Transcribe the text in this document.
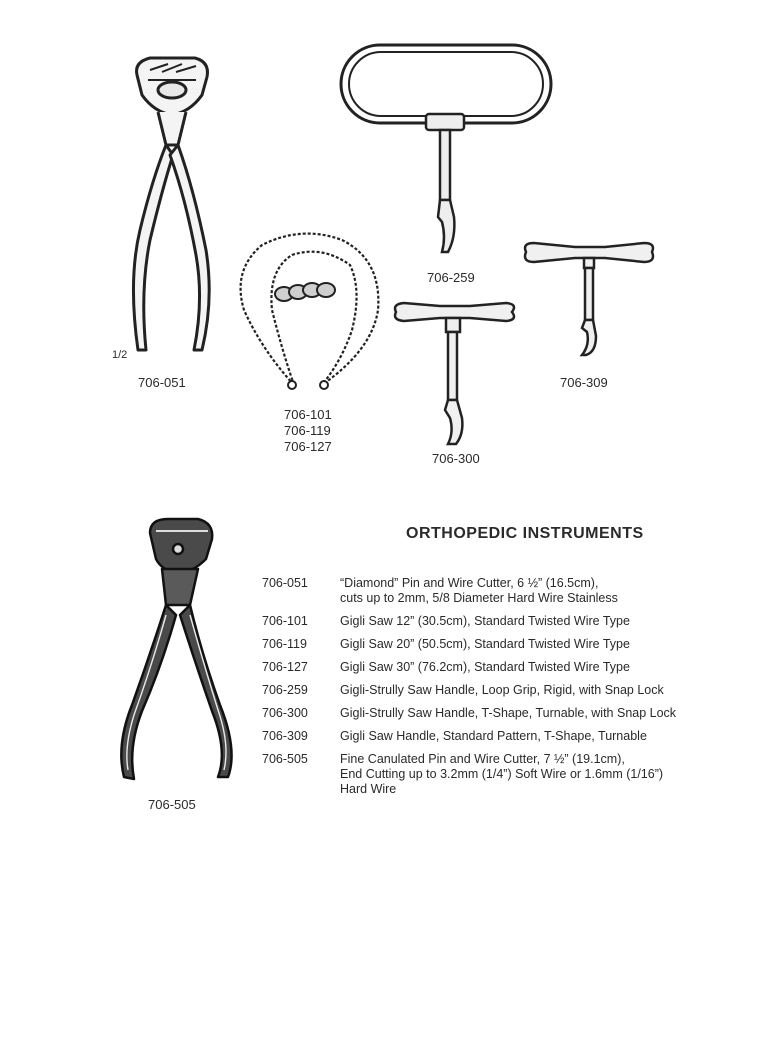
1/2
706-051
706-101
706-119
706-127
706-259
706-300
706-309
706-505
ORTHOPEDIC INSTRUMENTS
706-051	“Diamond” Pin and Wire Cutter, 6 ½” (16.5cm),
cuts up to 2mm, 5/8 Diameter Hard Wire Stainless
706-101	Gigli Saw 12” (30.5cm), Standard Twisted Wire Type
706-119	Gigli Saw 20” (50.5cm), Standard Twisted Wire Type
706-127	Gigli Saw 30” (76.2cm), Standard Twisted Wire Type
706-259	Gigli-Strully Saw Handle, Loop Grip, Rigid, with Snap Lock
706-300	Gigli-Strully Saw Handle, T-Shape, Turnable, with Snap Lock
706-309	Gigli Saw Handle, Standard Pattern, T-Shape, Turnable
706-505	Fine Canulated Pin and Wire Cutter, 7 ½” (19.1cm),
End Cutting up to 3.2mm (1/4”) Soft Wire or 1.6mm (1/16”)
Hard Wire
